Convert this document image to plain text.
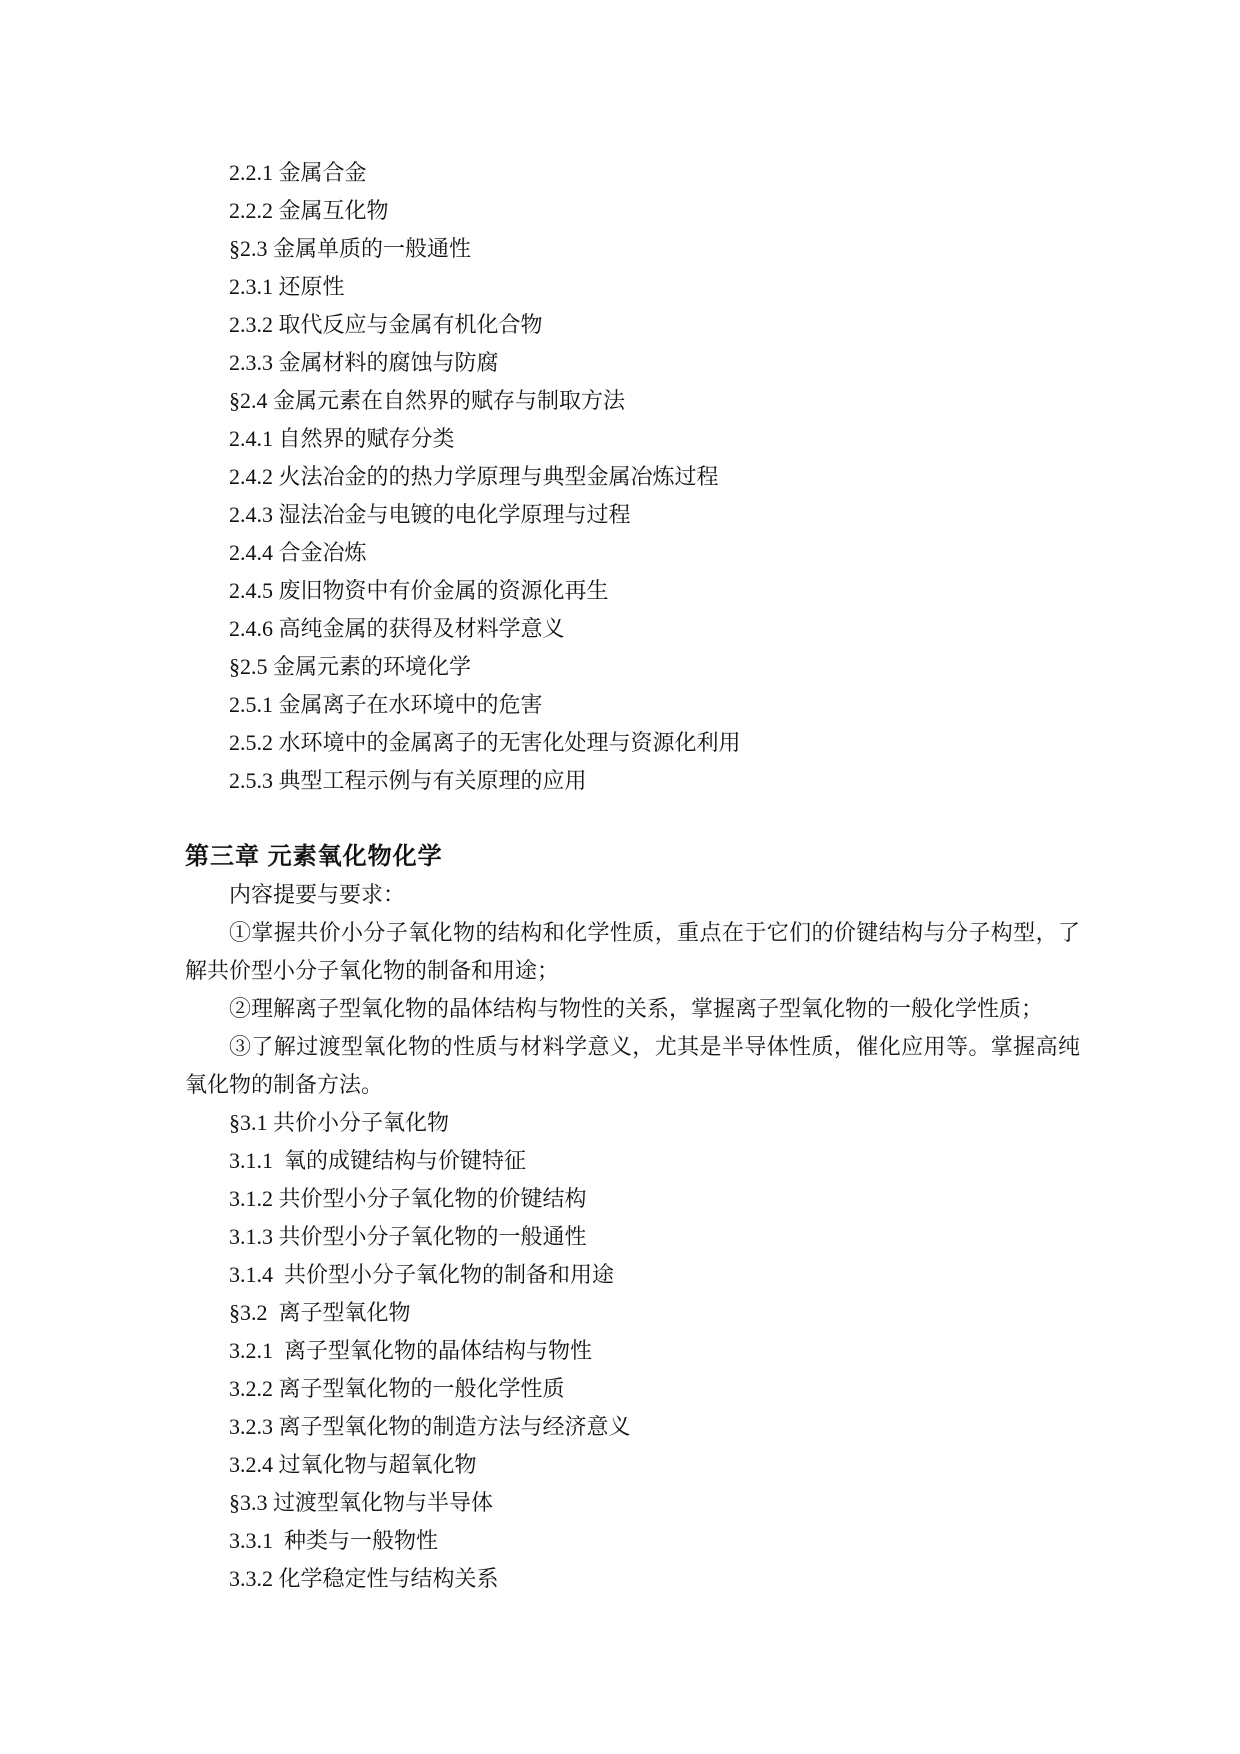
2.2.1 金属合金
2.2.2 金属互化物
§2.3 金属单质的一般通性
2.3.1 还原性
2.3.2 取代反应与金属有机化合物
2.3.3 金属材料的腐蚀与防腐
§2.4 金属元素在自然界的赋存与制取方法
2.4.1 自然界的赋存分类
2.4.2 火法冶金的的热力学原理与典型金属冶炼过程
2.4.3 湿法冶金与电镀的电化学原理与过程
2.4.4 合金冶炼
2.4.5 废旧物资中有价金属的资源化再生
2.4.6 高纯金属的获得及材料学意义
§2.5 金属元素的环境化学
2.5.1 金属离子在水环境中的危害
2.5.2 水环境中的金属离子的无害化处理与资源化利用
2.5.3 典型工程示例与有关原理的应用
第三章 元素氧化物化学
内容提要与要求：
①掌握共价小分子氧化物的结构和化学性质，重点在于它们的价键结构与分子构型，了解共价型小分子氧化物的制备和用途；
②理解离子型氧化物的晶体结构与物性的关系，掌握离子型氧化物的一般化学性质；
③了解过渡型氧化物的性质与材料学意义，尤其是半导体性质，催化应用等。掌握高纯氧化物的制备方法。
§3.1 共价小分子氧化物
3.1.1  氧的成键结构与价键特征
3.1.2 共价型小分子氧化物的价键结构
3.1.3 共价型小分子氧化物的一般通性
3.1.4  共价型小分子氧化物的制备和用途
§3.2  离子型氧化物
3.2.1  离子型氧化物的晶体结构与物性
3.2.2 离子型氧化物的一般化学性质
3.2.3 离子型氧化物的制造方法与经济意义
3.2.4 过氧化物与超氧化物
§3.3 过渡型氧化物与半导体
3.3.1  种类与一般物性
3.3.2 化学稳定性与结构关系
